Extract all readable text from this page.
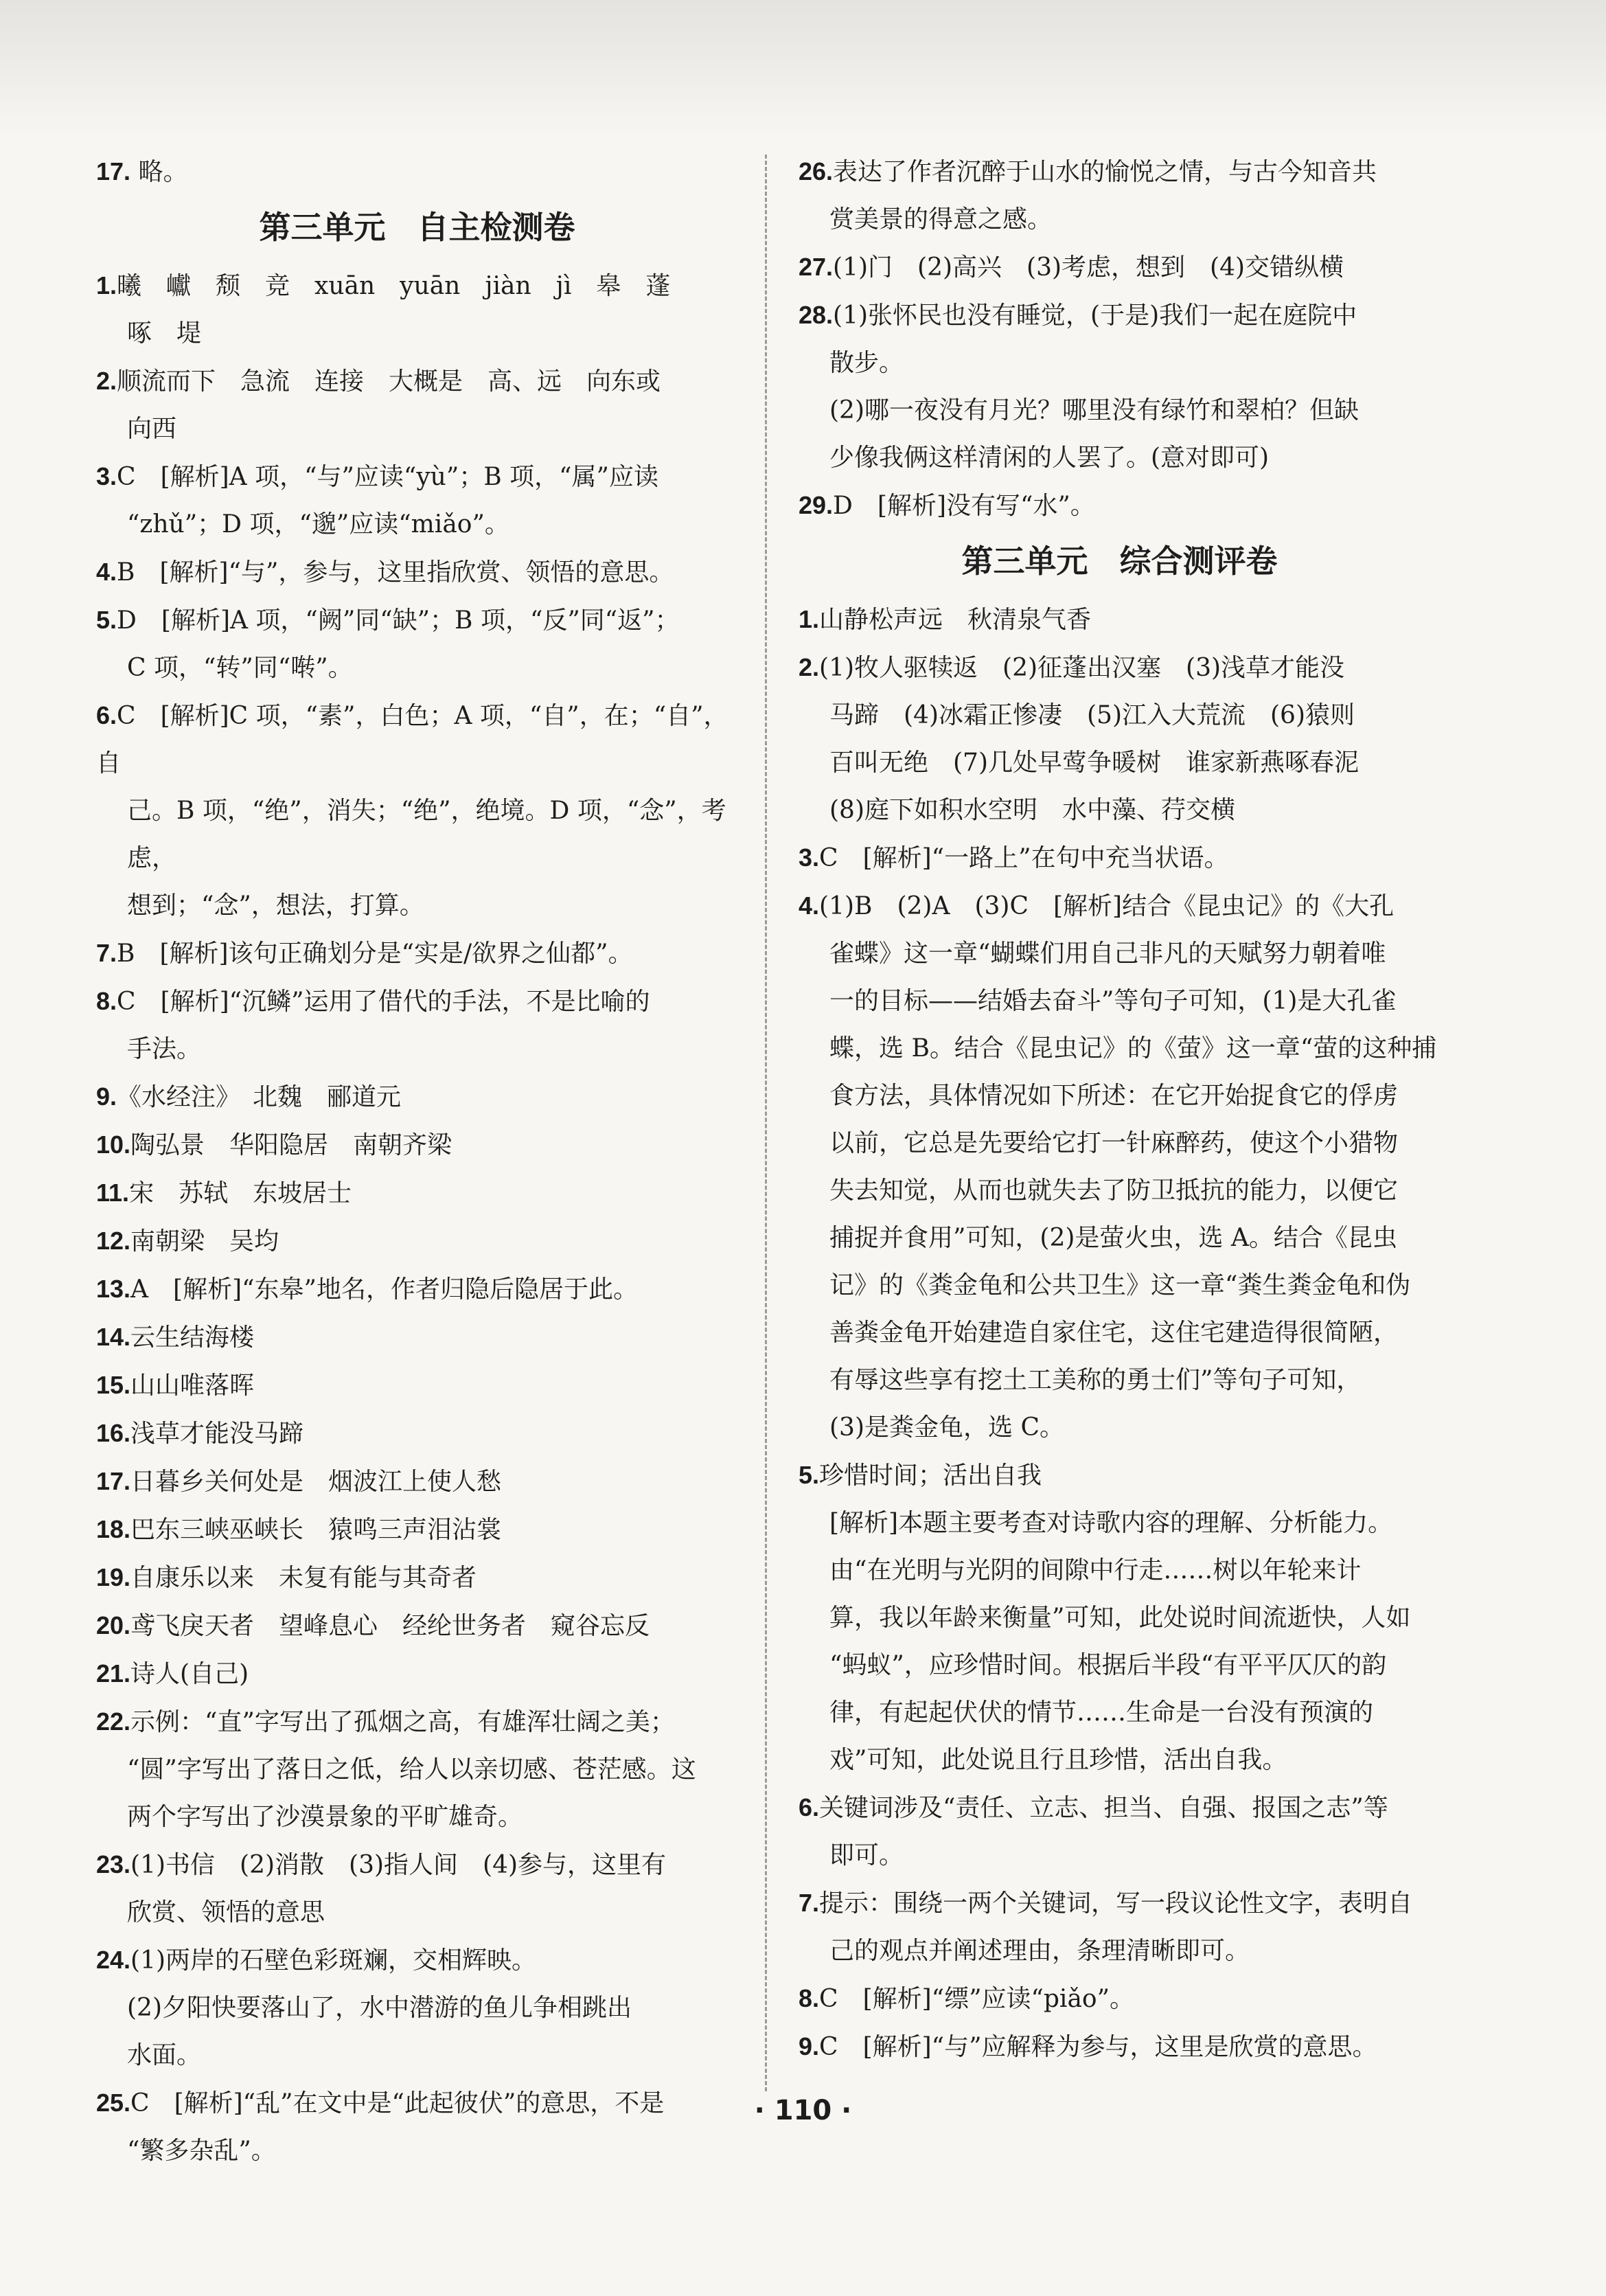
17. 略。
第三单元　自主检测卷
1.曦　巘　颓　竞　xuān　yuān　jiàn　jì　皋　蓬
啄　堤
2.顺流而下　急流　连接　大概是　高、远　向东或
向西
3.C　[解析]A 项，“与”应读“yù”；B 项，“属”应读
“zhǔ”；D 项，“邈”应读“miǎo”。
4.B　[解析]“与”，参与，这里指欣赏、领悟的意思。
5.D　[解析]A 项，“阙”同“缺”；B 项，“反”同“返”；
C 项，“转”同“啭”。
6.C　[解析]C 项，“素”，白色；A 项，“自”，在；“自”，自
己。B 项，“绝”，消失；“绝”，绝境。D 项，“念”，考虑，
想到；“念”，想法，打算。
7.B　[解析]该句正确划分是“实是/欲界之仙都”。
8.C　[解析]“沉鳞”运用了借代的手法，不是比喻的
手法。
9.《水经注》　北魏　郦道元
10.陶弘景　华阳隐居　南朝齐梁
11.宋　苏轼　东坡居士
12.南朝梁　吴均
13.A　[解析]“东皋”地名，作者归隐后隐居于此。
14.云生结海楼
15.山山唯落晖
16.浅草才能没马蹄
17.日暮乡关何处是　烟波江上使人愁
18.巴东三峡巫峡长　猿鸣三声泪沾裳
19.自康乐以来　未复有能与其奇者
20.鸢飞戾天者　望峰息心　经纶世务者　窥谷忘反
21.诗人(自己)
22.示例：“直”字写出了孤烟之高，有雄浑壮阔之美；
“圆”字写出了落日之低，给人以亲切感、苍茫感。这
两个字写出了沙漠景象的平旷雄奇。
23.(1)书信　(2)消散　(3)指人间　(4)参与，这里有
欣赏、领悟的意思
24.(1)两岸的石壁色彩斑斓，交相辉映。
(2)夕阳快要落山了，水中潜游的鱼儿争相跳出
水面。
25.C　[解析]“乱”在文中是“此起彼伏”的意思，不是
“繁多杂乱”。
26.表达了作者沉醉于山水的愉悦之情，与古今知音共
赏美景的得意之感。
27.(1)门　(2)高兴　(3)考虑，想到　(4)交错纵横
28.(1)张怀民也没有睡觉，(于是)我们一起在庭院中
散步。
(2)哪一夜没有月光？哪里没有绿竹和翠柏？但缺
少像我俩这样清闲的人罢了。(意对即可)
29.D　[解析]没有写“水”。
第三单元　综合测评卷
1.山静松声远　秋清泉气香
2.(1)牧人驱犊返　(2)征蓬出汉塞　(3)浅草才能没
马蹄　(4)冰霜正惨凄　(5)江入大荒流　(6)猿则
百叫无绝　(7)几处早莺争暖树　谁家新燕啄春泥
(8)庭下如积水空明　水中藻、荇交横
3.C　[解析]“一路上”在句中充当状语。
4.(1)B　(2)A　(3)C　[解析]结合《昆虫记》的《大孔
雀蝶》这一章“蝴蝶们用自己非凡的天赋努力朝着唯
一的目标——结婚去奋斗”等句子可知，(1)是大孔雀
蝶，选 B。结合《昆虫记》的《萤》这一章“萤的这种捕
食方法，具体情况如下所述：在它开始捉食它的俘虏
以前，它总是先要给它打一针麻醉药，使这个小猎物
失去知觉，从而也就失去了防卫抵抗的能力，以便它
捕捉并食用”可知，(2)是萤火虫，选 A。结合《昆虫
记》的《粪金龟和公共卫生》这一章“粪生粪金龟和伪
善粪金龟开始建造自家住宅，这住宅建造得很简陋，
有辱这些享有挖土工美称的勇士们”等句子可知，
(3)是粪金龟，选 C。
5.珍惜时间；活出自我
[解析]本题主要考查对诗歌内容的理解、分析能力。
由“在光明与光阴的间隙中行走……树以年轮来计
算，我以年龄来衡量”可知，此处说时间流逝快，人如
“蚂蚁”，应珍惜时间。根据后半段“有平平仄仄的韵
律，有起起伏伏的情节……生命是一台没有预演的
戏”可知，此处说且行且珍惜，活出自我。
6.关键词涉及“责任、立志、担当、自强、报国之志”等
即可。
7.提示：围绕一两个关键词，写一段议论性文字，表明自
己的观点并阐述理由，条理清晰即可。
8.C　[解析]“缥”应读“piǎo”。
9.C　[解析]“与”应解释为参与，这里是欣赏的意思。
· 110 ·
